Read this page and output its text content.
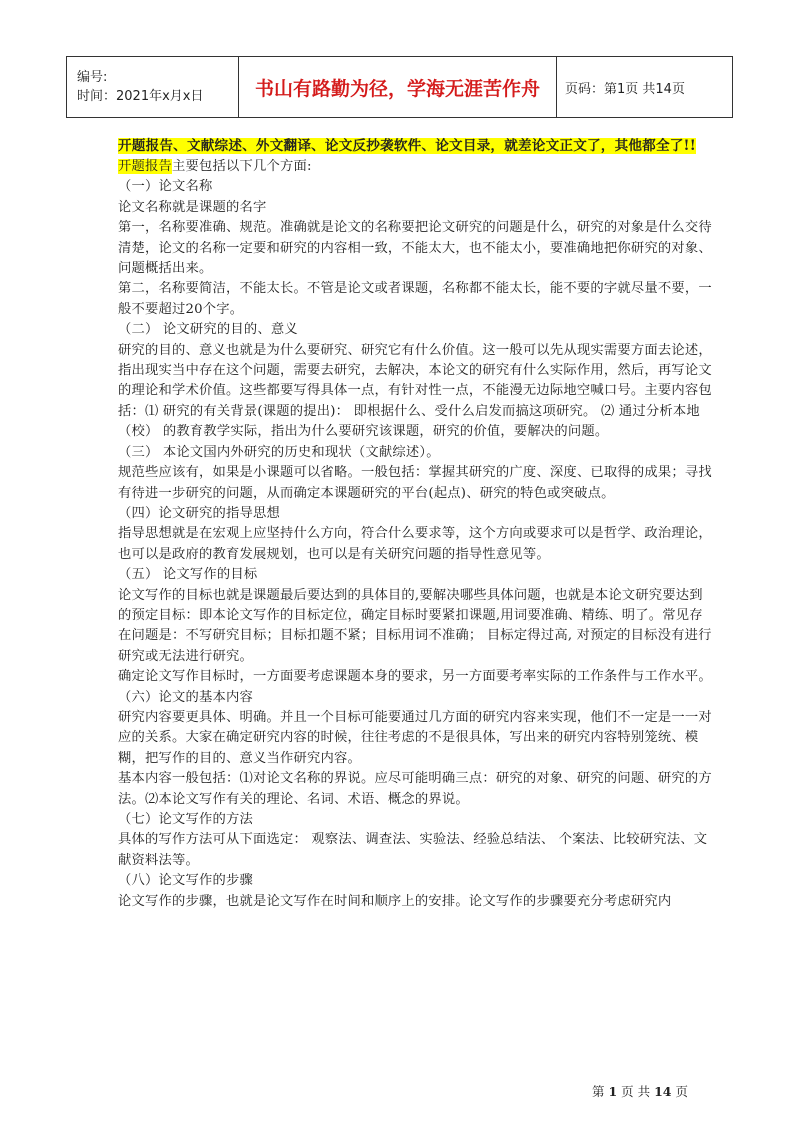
编号:
时间：2021年x月x日	书山有路勤为径，学海无涯苦作舟	页码：第1页 共14页

开题报告、文献综述、外文翻译、论文反抄袭软件、论文目录，就差论文正文了，其他都全了!!

开题报告主要包括以下几个方面:

（一）论文名称

论文名称就是课题的名字

第一，名称要准确、规范。准确就是论文的名称要把论文研究的问题是什么，研究的对象是什么交待清楚，论文的名称一定要和研究的内容相一致，不能太大，也不能太小，要准确地把你研究的对象、问题概括出来。

第二，名称要简洁，不能太长。不管是论文或者课题，名称都不能太长，能不要的字就尽量不要，一般不要超过20个字。

（二） 论文研究的目的、意义

研究的目的、意义也就是为什么要研究、研究它有什么价值。这一般可以先从现实需要方面去论述，指出现实当中存在这个问题，需要去研究，去解决，本论文的研究有什么实际作用，然后，再写论文的理论和学术价值。这些都要写得具体一点，有针对性一点，不能漫无边际地空喊口号。主要内容包括：⑴ 研究的有关背景(课题的提出)： 即根据什么、受什么启发而搞这项研究。 ⑵ 通过分析本地（校） 的教育教学实际，指出为什么要研究该课题，研究的价值，要解决的问题。

（三） 本论文国内外研究的历史和现状（文献综述）。

规范些应该有，如果是小课题可以省略。一般包括：掌握其研究的广度、深度、已取得的成果；寻找有待进一步研究的问题，从而确定本课题研究的平台(起点)、研究的特色或突破点。

（四）论文研究的指导思想

指导思想就是在宏观上应坚持什么方向，符合什么要求等，这个方向或要求可以是哲学、政治理论，也可以是政府的教育发展规划，也可以是有关研究问题的指导性意见等。

（五） 论文写作的目标

论文写作的目标也就是课题最后要达到的具体目的,要解决哪些具体问题，也就是本论文研究要达到的预定目标：即本论文写作的目标定位，确定目标时要紧扣课题,用词要准确、精练、明了。常见存在问题是：不写研究目标；目标扣题不紧；目标用词不准确； 目标定得过高, 对预定的目标没有进行研究或无法进行研究。

确定论文写作目标时，一方面要考虑课题本身的要求，另一方面要考率实际的工作条件与工作水平。

（六）论文的基本内容

研究内容要更具体、明确。并且一个目标可能要通过几方面的研究内容来实现，他们不一定是一一对应的关系。大家在确定研究内容的时候，往往考虑的不是很具体，写出来的研究内容特别笼统、模糊，把写作的目的、意义当作研究内容。

基本内容一般包括：⑴对论文名称的界说。应尽可能明确三点：研究的对象、研究的问题、研究的方法。⑵本论文写作有关的理论、名词、术语、概念的界说。

（七）论文写作的方法

具体的写作方法可从下面选定： 观察法、调查法、实验法、经验总结法、 个案法、比较研究法、文献资料法等。

（八）论文写作的步骤

论文写作的步骤，也就是论文写作在时间和顺序上的安排。论文写作的步骤要充分考虑研究内

第 1 页 共 14 页
